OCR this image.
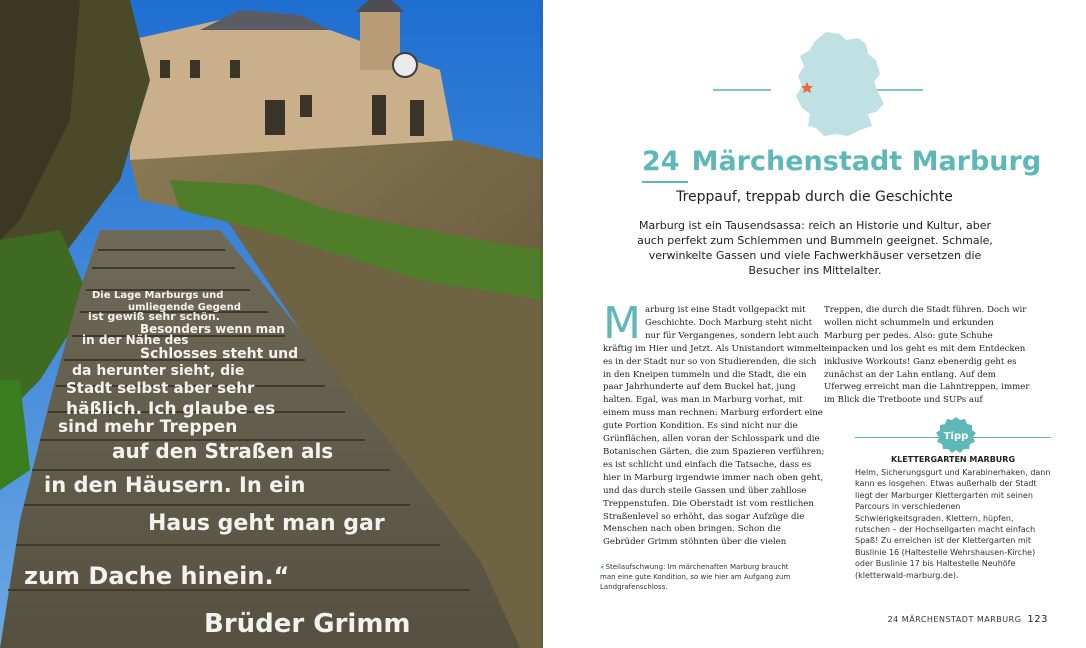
Die Lage Marburgs und
umliegende Gegend
ist gewiß sehr schön.
Besonders wenn man
in der Nähe des
Schlosses steht und
da herunter sieht, die
Stadt selbst aber sehr
häßlich. Ich glaube es
sind mehr Treppen
auf den Straßen als
in den Häusern. In ein
Haus geht man gar
zum Dache hinein.“
Brüder Grimm
24 Märchenstadt Marburg
Treppauf, treppab durch die Geschichte
Marburg ist ein Tausendsassa: reich an Historie und Kultur, aber auch perfekt zum Schlemmen und Bummeln geeignet. Schmale, verwinkelte Gassen und viele Fachwerkhäuser versetzen die Besucher ins Mittelalter.
Marburg ist eine Stadt vollgepackt mit Geschichte. Doch Marburg steht nicht nur für Vergangenes, sondern lebt auch kräftig im Hier und Jetzt. Als Unistandort wimmelt es in der Stadt nur so von Studierenden, die sich in den Kneipen tummeln und die Stadt, die ein paar Jahrhunderte auf dem Buckel hat, jung halten. Egal, was man in Marburg vorhat, mit einem muss man rechnen: Marburg erfordert eine gute Portion Kondition. Es sind nicht nur die Grünflächen, allen voran der Schlosspark und die Botanischen Gärten, die zum Spazieren verführen; es ist schlicht und einfach die Tatsache, dass es hier in Marburg irgendwie immer nach oben geht, und das durch steile Gassen und über zahllose Treppenstufen. Die Oberstadt ist vom restlichen Straßenlevel so erhöht, das sogar Aufzüge die Menschen nach oben bringen. Schon die Gebrüder Grimm stöhnten über die vielen
Treppen, die durch die Stadt führen. Doch wir wollen nicht schummeln und erkunden Marburg per pedes. Also: gute Schuhe einpacken und los geht es mit dem Entdecken inklusive Workouts! Ganz ebenerdig geht es zunächst an der Lahn entlang. Auf dem Uferweg erreicht man die Lahntreppen, immer im Blick die Tretboote und SUPs auf
◂ Steilaufschwung: Im märchenaften Marburg braucht man eine gute Kondition, so wie hier am Aufgang zum Landgrafenschloss.
Tipp
KLETTERGARTEN MARBURG
Helm, Sicherungsgurt und Karabinerhaken, dann kann es losgehen. Etwas außerhalb der Stadt liegt der Marburger Klettergarten mit seinen Parcours in verschiedenen Schwierigkeitsgraden. Klettern, hüpfen, rutschen – der Hochseilgarten macht einfach Spaß! Zu erreichen ist der Klettergarten mit Buslinie 16 (Haltestelle Wehrshausen-Kirche) oder Buslinie 17 bis Haltestelle Neuhöfe (kletterwald-marburg.de).
24 MÄRCHENSTADT MARBURG 123
